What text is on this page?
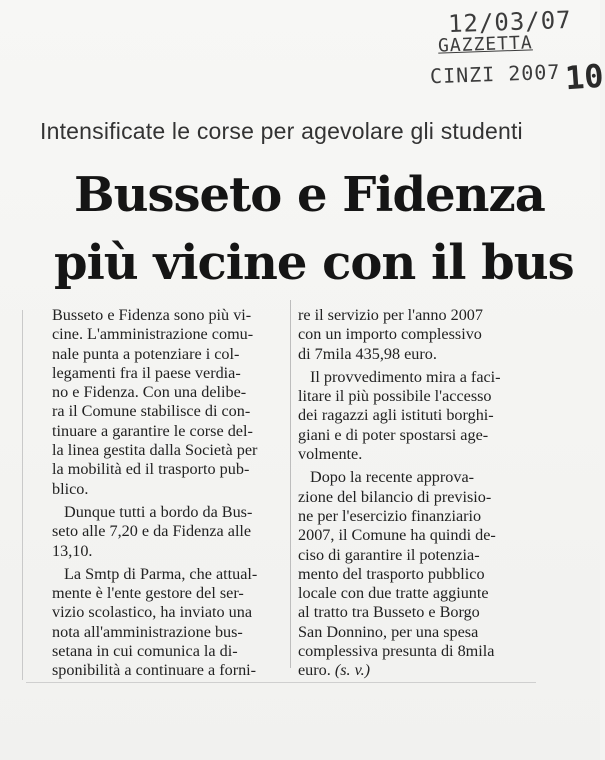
12/03/07
GAZZETTA
CINZI 2007 10
Intensificate le corse per agevolare gli studenti
Busseto e Fidenza
più vicine con il bus

Busseto e Fidenza sono più vi-
cine. L'amministrazione comu-
nale punta a potenziare i col-
legamenti fra il paese verdia-
no e Fidenza. Con una delibe-
ra il Comune stabilisce di con-
tinuare a garantire le corse del-
la linea gestita dalla Società per
la mobilità ed il trasporto pub-
blico.

Dunque tutti a bordo da Bus-
seto alle 7,20 e da Fidenza alle
13,10.

La Smtp di Parma, che attual-
mente è l'ente gestore del ser-
vizio scolastico, ha inviato una
nota all'amministrazione bus-
setana in cui comunica la di-
sponibilità a continuare a forni-

re il servizio per l'anno 2007
con un importo complessivo
di 7mila 435,98 euro.

Il provvedimento mira a faci-
litare il più possibile l'accesso
dei ragazzi agli istituti borghi-
giani e di poter spostarsi age-
volmente.

Dopo la recente approva-
zione del bilancio di previsio-
ne per l'esercizio finanziario
2007, il Comune ha quindi de-
ciso di garantire il potenzia-
mento del trasporto pubblico
locale con due tratte aggiunte
al tratto tra Busseto e Borgo
San Donnino, per una spesa
complessiva presunta di 8mila
euro. (s. v.)
